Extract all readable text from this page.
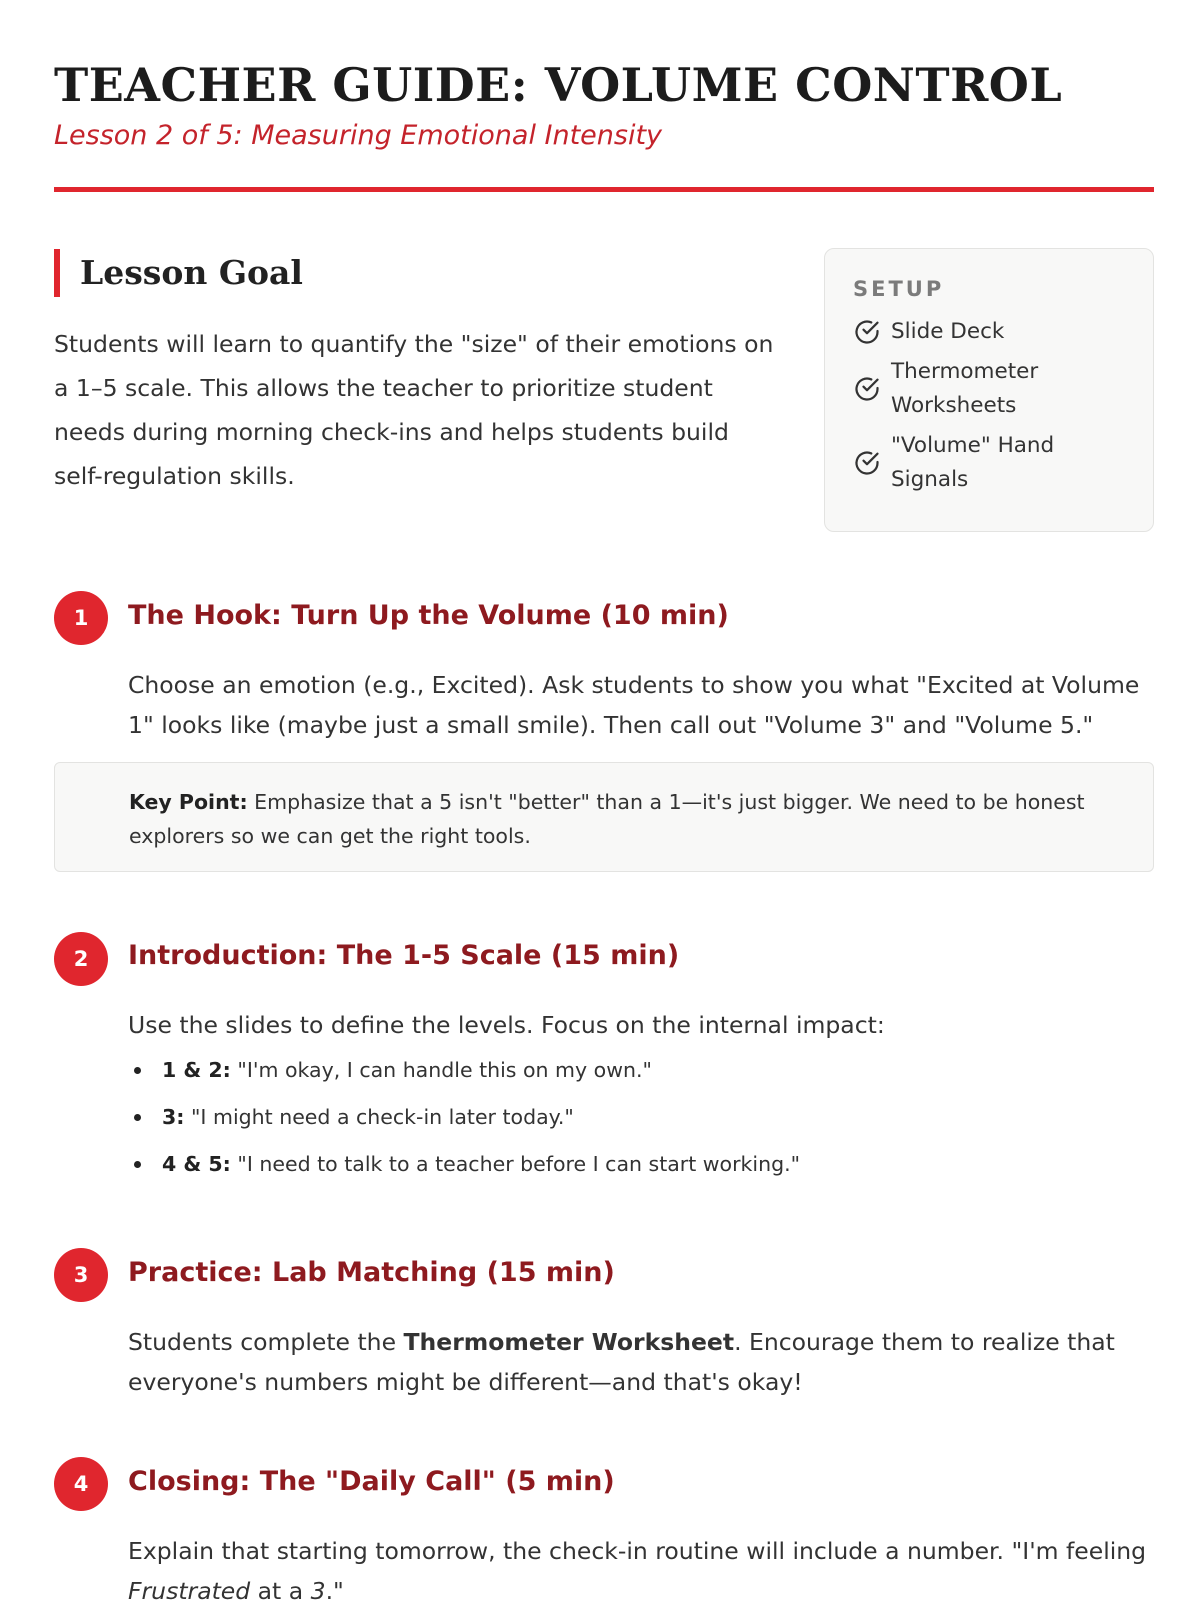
TEACHER GUIDE: VOLUME CONTROL

Lesson 2 of 5: Measuring Emotional Intensity

Lesson Goal

Students will learn to quantify the "size" of their emotions on a 1–5 scale. This allows the teacher to prioritize student needs during morning check-ins and helps students build self-regulation skills.

SETUP
Slide Deck
Thermometer Worksheets
"Volume" Hand Signals
1	The Hook: Turn Up the Volume (10 min)

Choose an emotion (e.g., Excited). Ask students to show you what "Excited at Volume 1" looks like (maybe just a small smile). Then call out "Volume 3" and "Volume 5."

Key Point: Emphasize that a 5 isn't "better" than a 1—it's just bigger. We need to be honest explorers so we can get the right tools.
2	Introduction: The 1-5 Scale (15 min)

Use the slides to define the levels. Focus on the internal impact:

1 & 2: "I'm okay, I can handle this on my own."
3: "I might need a check-in later today."
4 & 5: "I need to talk to a teacher before I can start working."
3	Practice: Lab Matching (15 min)

Students complete the Thermometer Worksheet. Encourage them to realize that everyone's numbers might be different—and that's okay!

4	Closing: The "Daily Call" (5 min)

Explain that starting tomorrow, the check-in routine will include a number. "I'm feeling Frustrated at a 3."
